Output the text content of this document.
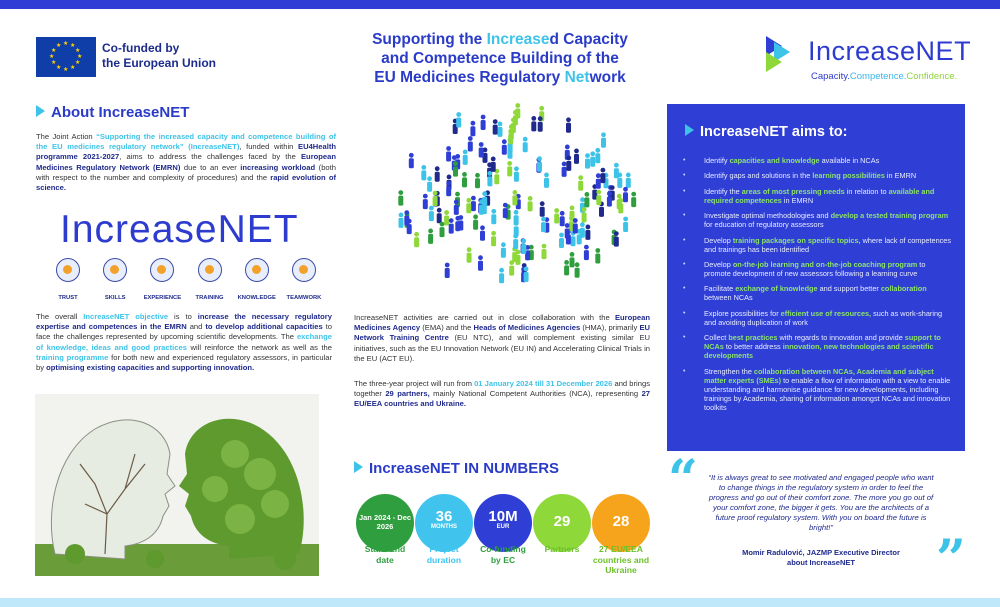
★ ★
★
★
★
★
★
★
★
★
★
★	Co-funded by
the European Union
Supporting the Increased Capacity
and Competence Building of the
EU Medicines Regulatory Network
IncreaseNET
Capacity.Competence.Confidence.
About IncreaseNET
The Joint Action “Supporting the increased capacity and competence building of the EU medicines regulatory network” (IncreaseNET), funded within EU4Health programme 2021-2027, aims to address the challenges faced by the European Medicines Regulatory Network (EMRN) due to an ever increasing workload (both with respect to the number and complexity of procedures) and the rapid evolution of science.
IncreaseNET
TRUST	SKILLS	EXPERIENCE	TRAINING	KNOWLEDGE	TEAMWORK
The overall IncreaseNET objective is to increase the necessary regulatory expertise and competences in the EMRN and to develop additional capacities to face the challenges represented by upcoming scientific developments. The exchange of knowledge, ideas and good practices will reinforce the network as well as the training programme for both new and experienced regulatory assessors, in particular by optimising existing capacities and supporting innovation.
IncreaseNET activities are carried out in close collaboration with the European Medicines Agency (EMA) and the Heads of Medicines Agencies (HMA), primarily EU Network Training Centre (EU NTC), and will complement existing similar EU initiatives, such as the EU Innovation Network (EU IN) and Accelerating Clinical Trials in the EU (ACT EU).
The three-year project will run from 01 January 2024 till 31 December 2026 and brings together 29 partners, mainly National Competent Authorities (NCA), representing 27 EU/EEA countries and Ukraine.
IncreaseNET IN NUMBERS
Jan 2024 - Dec 2026
Start/ End date
36
MONTHS
Project duration
10M
EUR
Co-funding by EC
29
Partners
28
27 EU/EEA countries and Ukraine
IncreaseNET aims to:
• Identify capacities and knowledge available in NCAs
• Identify gaps and solutions in the learning possibilities in EMRN
• Identify the areas of most pressing needs in relation to available and required competences in EMRN
• Investigate optimal methodologies and develop a tested training program for education of regulatory assessors
• Develop training packages on specific topics, where lack of competences and trainings has been identified
• Develop on-the-job learning and on-the-job coaching program to promote development of new assessors following a learning curve
• Facilitate exchange of knowledge and support better collaboration between NCAs
• Explore possibilities for efficient use of resources, such as work-sharing and avoiding duplication of work
• Collect best practices with regards to innovation and provide support to NCAs to better address innovation, new technologies and scientific developments
• Strengthen the collaboration between NCAs, Academia and subject matter experts (SMEs) to enable a flow of information with a view to enable understanding and harmonise guidance for new developments, including trainings by Academia, sharing of information amongst NCAs and innovation toolkits
“	“It is always great to see motivated and engaged people who want to change things in the regulatory system in order to feel the progress and go out of their comfort zone. The more you go out of your comfort zone, the bigger it gets. You are the architects of a future proof regulatory system. With you on board the future is bright!”
Momir Radulović, JAZMP Executive Director
about IncreaseNET	”
